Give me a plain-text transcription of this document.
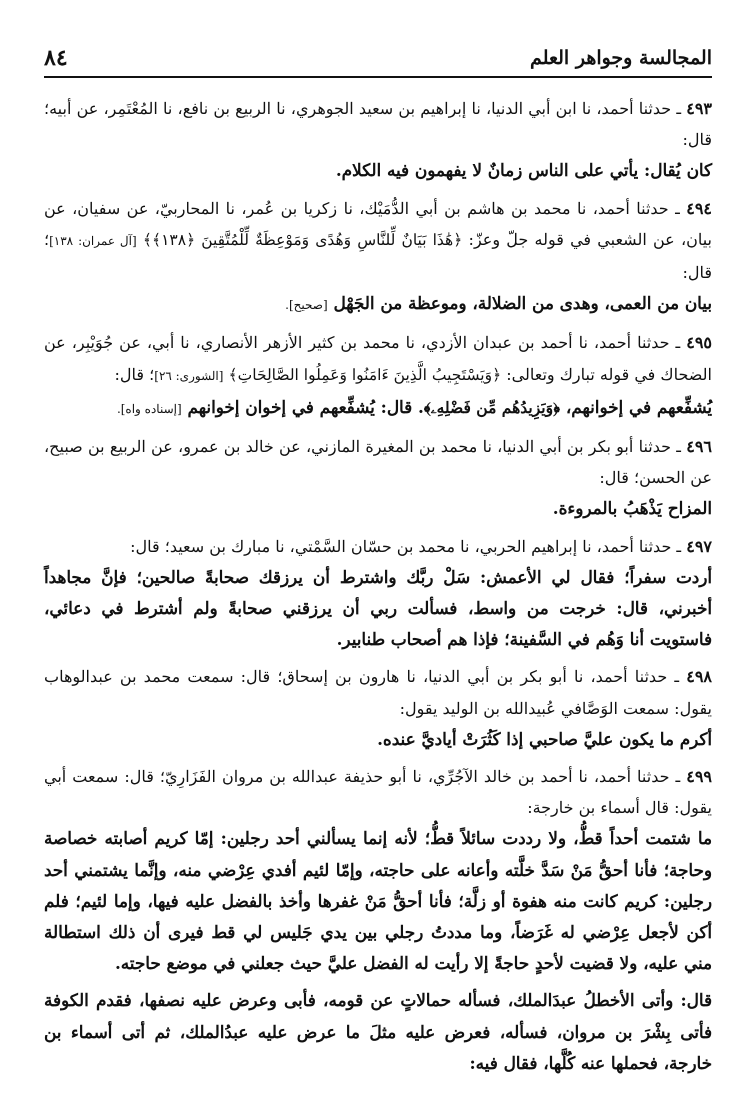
المجالسة وجواهر العلم
٨٤

٤٩٣ ـ حدثنا أحمد، نا ابن أبي الدنيا، نا إبراهيم بن سعيد الجوهري، نا الربيع بن نافع، نا المُعْتَمِر، عن أبيه؛ قال:

كان يُقال: يأتي على الناس زمانٌ لا يفهمون فيه الكلام.

٤٩٤ ـ حدثنا أحمد، نا محمد بن هاشم بن أبي الدُّمَيْك، نا زكريا بن عُمر، نا المحاربيّ، عن سفيان، عن بيان، عن الشعبي في قوله جلّ وعزّ: ﴿هَٰذَا بَيَانٌ لِّلنَّاسِ وَهُدًى وَمَوْعِظَةٌ لِّلْمُتَّقِينَ ﴿١٣٨﴾﴾ [آل عمران: ١٣٨]؛ قال:

بيان من العمى، وهدى من الضلالة، وموعظة من الجَهْل [صحيح].

٤٩٥ ـ حدثنا أحمد، نا أحمد بن عبدان الأزدي، نا محمد بن كثير الأزهر الأنصاري، نا أبي، عن جُوَيْبِر، عن الضحاك في قوله تبارك وتعالى: ﴿وَيَسْتَجِيبُ الَّذِينَ ءَامَنُوا وَعَمِلُوا الصَّالِحَاتِ﴾ [الشورى: ٢٦]؛ قال:

يُشفِّعهم في إخوانهم، ﴿وَيَزِيدُهُم مِّن فَضْلِهِۦ﴾. قال: يُشفِّعهم في إخوان إخوانهم [إسناده واه].

٤٩٦ ـ حدثنا أبو بكر بن أبي الدنيا، نا محمد بن المغيرة المازني، عن خالد بن عمرو، عن الربيع بن صبيح، عن الحسن؛ قال:

المزاح يَذْهَبُ بالمروءة.

٤٩٧ ـ حدثنا أحمد، نا إبراهيم الحربي، نا محمد بن حسّان السَّمْتي، نا مبارك بن سعيد؛ قال:

أردت سفراً؛ فقال لي الأعمش: سَلْ ربَّك واشترط أن يرزقك صحابةً صالحين؛ فإنَّ مجاهداً أخبرني، قال: خرجت من واسط، فسألت ربي أن يرزقني صحابةً ولم أشترط في دعائي، فاستويت أنا وَهُم في السَّفينة؛ فإذا هم أصحاب طنابير.

٤٩٨ ـ حدثنا أحمد، نا أبو بكر بن أبي الدنيا، نا هارون بن إسحاق؛ قال: سمعت محمد بن عبدالوهاب يقول: سمعت الوَصَّافي عُبيدالله بن الوليد يقول:

أكرم ما يكون عليَّ صاحبي إذا كَثُرَتْ أياديَّ عنده.

٤٩٩ ـ حدثنا أحمد، نا أحمد بن خالد الآجُرِّي، نا أبو حذيفة عبدالله بن مروان الفَزَارِيّ؛ قال: سمعت أبي يقول: قال أسماء بن خارجة:

ما شتمت أحداً قطُّ، ولا رددت سائلاً قطُّ؛ لأنه إنما يسألني أحد رجلين: إمّا كريم أصابته خصاصة وحاجة؛ فأنا أحقُّ مَنْ سَدَّ خلَّته وأعانه على حاجته، وإمّا لئيم أفدي عِرْضي منه، وإنَّما يشتمني أحد رجلين: كريم كانت منه هفوة أو زلَّة؛ فأنا أحقُّ مَنْ غفرها وأخذ بالفضل عليه فيها، وإما لئيم؛ فلم أكن لأجعل عِرْضي له غَرَضاً، وما مددتُ رجلي بين يدي جَليس لي قط فيرى أن ذلك استطالة مني عليه، ولا قضيت لأحدٍ حاجةً إلا رأيت له الفضل عليَّ حيث جعلني في موضع حاجته.

قال: وأتى الأخطلُ عبدَالملك، فسأله حمالاتٍ عن قومه، فأبى وعرض عليه نصفها، فقدم الكوفة فأتى بِشْرَ بن مروان، فسأله، فعرض عليه مثلَ ما عرض عليه عبدُالملك، ثم أتى أسماء بن خارجة، فحملها عنه كُلَّها، فقال فيه:
